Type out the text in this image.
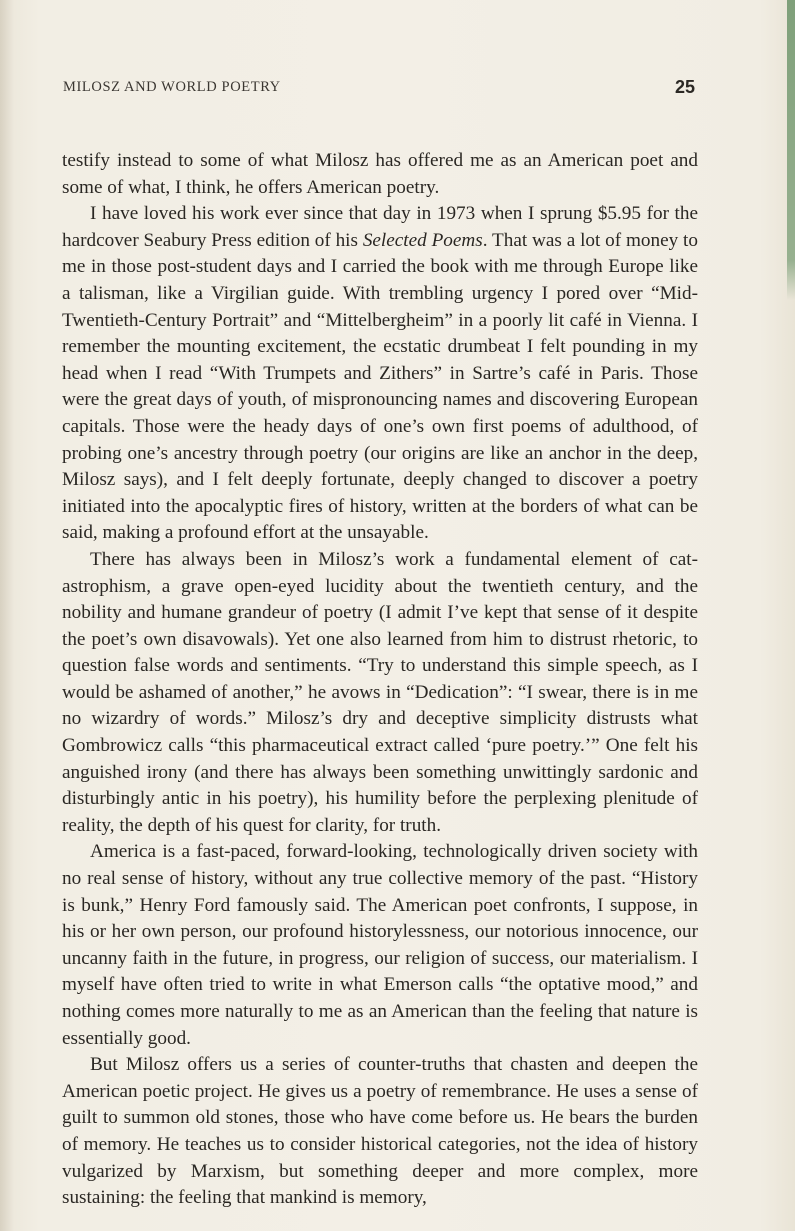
MILOSZ AND WORLD POETRY	25

testify instead to some of what Milosz has offered me as an American poet and some of what, I think, he offers American poetry.

I have loved his work ever since that day in 1973 when I sprung $5.95 for the hardcover Seabury Press edition of his Selected Poems. That was a lot of money to me in those post-student days and I carried the book with me through Europe like a talisman, like a Virgilian guide. With trembling urgency I pored over “Mid-Twentieth-Century Portrait” and “Mittelbergheim” in a poorly lit café in Vienna. I remember the mounting excitement, the ecstatic drumbeat I felt pounding in my head when I read “With Trumpets and Zithers” in Sartre’s café in Paris. Those were the great days of youth, of mispronouncing names and discovering European capitals. Those were the heady days of one’s own first poems of adulthood, of probing one’s ancestry through poetry (our origins are like an anchor in the deep, Milosz says), and I felt deeply fortunate, deeply changed to discover a poetry initiated into the apocalyptic fires of history, written at the borders of what can be said, making a profound effort at the unsayable.

There has always been in Milosz’s work a fundamental element of catastrophism, a grave open-eyed lucidity about the twentieth century, and the nobility and humane grandeur of poetry (I admit I’ve kept that sense of it despite the poet’s own disavowals). Yet one also learned from him to distrust rhetoric, to question false words and sentiments. “Try to understand this simple speech, as I would be ashamed of another,” he avows in “Dedication”: “I swear, there is in me no wizardry of words.” Milosz’s dry and deceptive simplicity distrusts what Gombrowicz calls “this pharmaceutical extract called ‘pure poetry.’” One felt his anguished irony (and there has always been something unwittingly sardonic and disturbingly antic in his poetry), his humility before the perplexing plenitude of reality, the depth of his quest for clarity, for truth.

America is a fast-paced, forward-looking, technologically driven society with no real sense of history, without any true collective memory of the past. “History is bunk,” Henry Ford famously said. The American poet confronts, I suppose, in his or her own person, our profound historylessness, our notorious innocence, our uncanny faith in the future, in progress, our religion of success, our materialism. I myself have often tried to write in what Emerson calls “the optative mood,” and nothing comes more naturally to me as an American than the feeling that nature is essentially good.

But Milosz offers us a series of counter-truths that chasten and deepen the American poetic project. He gives us a poetry of remembrance. He uses a sense of guilt to summon old stones, those who have come before us. He bears the burden of memory. He teaches us to consider historical categories, not the idea of history vulgarized by Marxism, but something deeper and more complex, more sustaining: the feeling that mankind is memory,
